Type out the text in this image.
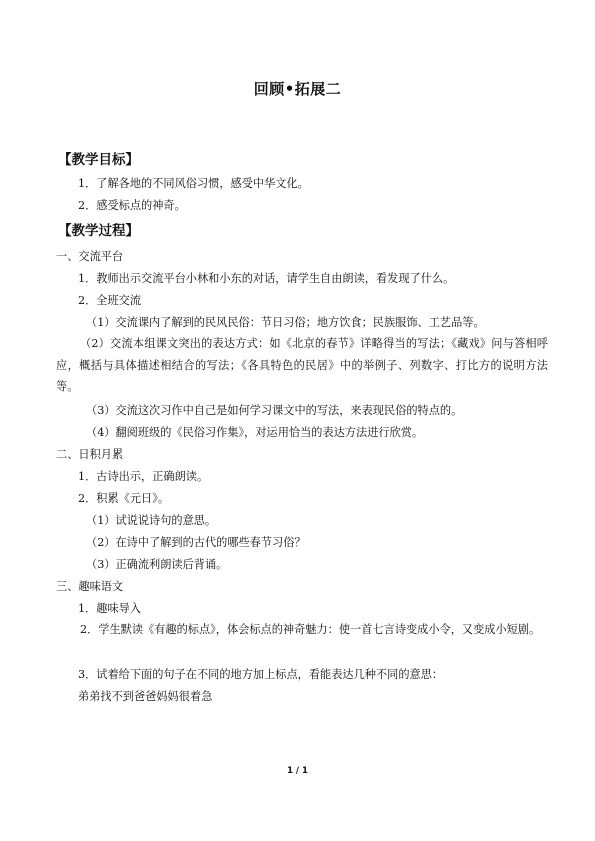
回顾•拓展二
【教学目标】
1．了解各地的不同风俗习惯，感受中华文化。
2．感受标点的神奇。
【教学过程】
一、交流平台
1．教师出示交流平台小林和小东的对话，请学生自由朗读，看发现了什么。
2．全班交流
（1）交流课内了解到的民风民俗：节日习俗；地方饮食；民族服饰、工艺品等。
（2）交流本组课文突出的表达方式：如《北京的春节》详略得当的写法；《藏戏》问与答相呼应，概括与具体描述相结合的写法；《各具特色的民居》中的举例子、列数字、打比方的说明方法等。
（3）交流这次习作中自己是如何学习课文中的写法，来表现民俗的特点的。
（4）翻阅班级的《民俗习作集》，对运用恰当的表达方法进行欣赏。
二、日积月累
1．古诗出示，正确朗读。
2．积累《元日》。
（1）试说说诗句的意思。
（2）在诗中了解到的古代的哪些春节习俗？
（3）正确流利朗读后背诵。
三、趣味语文
1．趣味导入
2．学生默读《有趣的标点》，体会标点的神奇魅力：使一首七言诗变成小令，又变成小短剧。
3．试着给下面的句子在不同的地方加上标点，看能表达几种不同的意思：
弟弟找不到爸爸妈妈很着急
1 / 1
